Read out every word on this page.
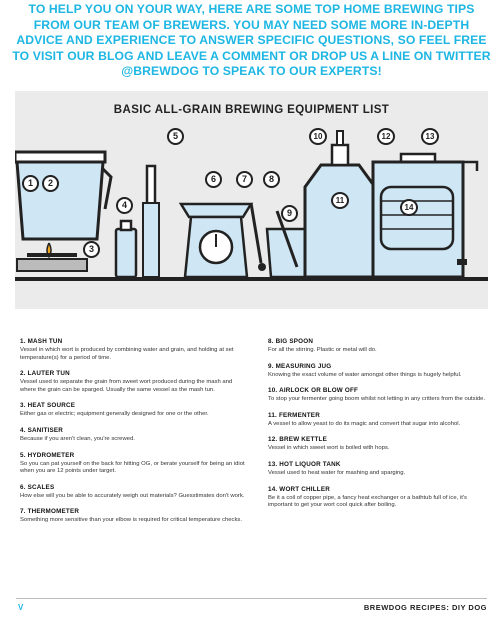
TO HELP YOU ON YOUR WAY, HERE ARE SOME TOP HOME BREWING TIPS FROM OUR TEAM OF BREWERS. YOU MAY NEED SOME MORE IN-DEPTH ADVICE AND EXPERIENCE TO ANSWER SPECIFIC QUESTIONS, SO FEEL FREE TO VISIT OUR BLOG AND LEAVE A COMMENT OR DROP US A LINE ON TWITTER @BREWDOG TO SPEAK TO OUR EXPERTS!
BASIC ALL-GRAIN BREWING EQUIPMENT LIST
1	2
3
4
5
6	7	8
9
10
11
12	13
14
1. MASH TUN
Vessel in which wort is produced by combining water and grain, and holding at set temperature(s) for a period of time.
2. LAUTER TUN
Vessel used to separate the grain from sweet wort produced during the mash and where the grain can be sparged. Usually the same vessel as the mash tun.
3. HEAT SOURCE
Either gas or electric; equipment generally designed for one or the other.
4. SANITISER
Because if you aren't clean, you're screwed.
5. HYDROMETER
So you can pat yourself on the back for hitting OG, or berate yourself for being an idiot when you are 12 points under target.
6. SCALES
How else will you be able to accurately weigh out materials? Guesstimates don't work.
7. THERMOMETER
Something more sensitive than your elbow is required for critical temperature checks.
8. BIG SPOON
For all the stirring. Plastic or metal will do.
9. MEASURING JUG
Knowing the exact volume of water amongst other things is hugely helpful.
10. AIRLOCK OR BLOW OFF
To stop your fermenter going boom whilst not letting in any critters from the outside.
11. FERMENTER
A vessel to allow yeast to do its magic and convert that sugar into alcohol.
12. BREW KETTLE
Vessel in which sweet wort is boiled with hops.
13. HOT LIQUOR TANK
Vessel used to heat water for mashing and sparging.
14. WORT CHILLER
Be it a coil of copper pipe, a fancy heat exchanger or a bathtub full of ice, it's important to get your wort cool quick after boiling.
V	BREWDOG RECIPES: DIY DOG
